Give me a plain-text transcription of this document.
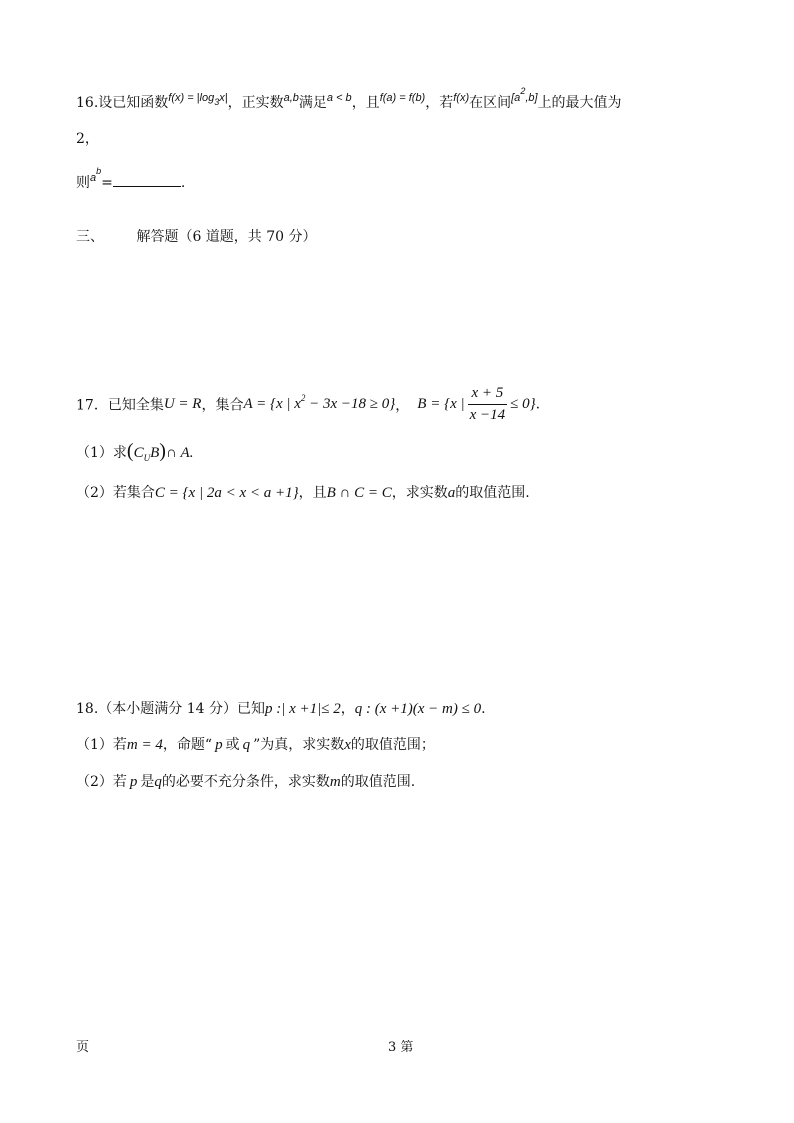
16.设已知函数$^{f(x) = |log_3x|}$，正实数$^{a,b}$满足$^{a < b}$，且$^{f(a) = f(b)}$，若$^{f(x)}$在区间[a2,b]上的最大值为
2，
则$^{a^b}$=	.
三、 解答题（6 道题，共 70 分）
17．已知全集U = R，集合A = {x | $x^2 - 3x -18 \ge 0$}， B = {x | $\frac{x + 5}{x -14} \le 0$}.
（1）求$(C_UB)\cap$ A.
（2）若集合C = {x | 2a < x < a +1}，且B ∩ C = C，求实数a的取值范围.
18.（本小题满分 14 分）已知p :| x +1|≤ 2，q : (x +1)(x − m) ≤ 0.
（1）若m = 4，命题“ p 或 q ”为真，求实数x的取值范围；
（2）若 p 是q的必要不充分条件，求实数m的取值范围.
页	3 第
